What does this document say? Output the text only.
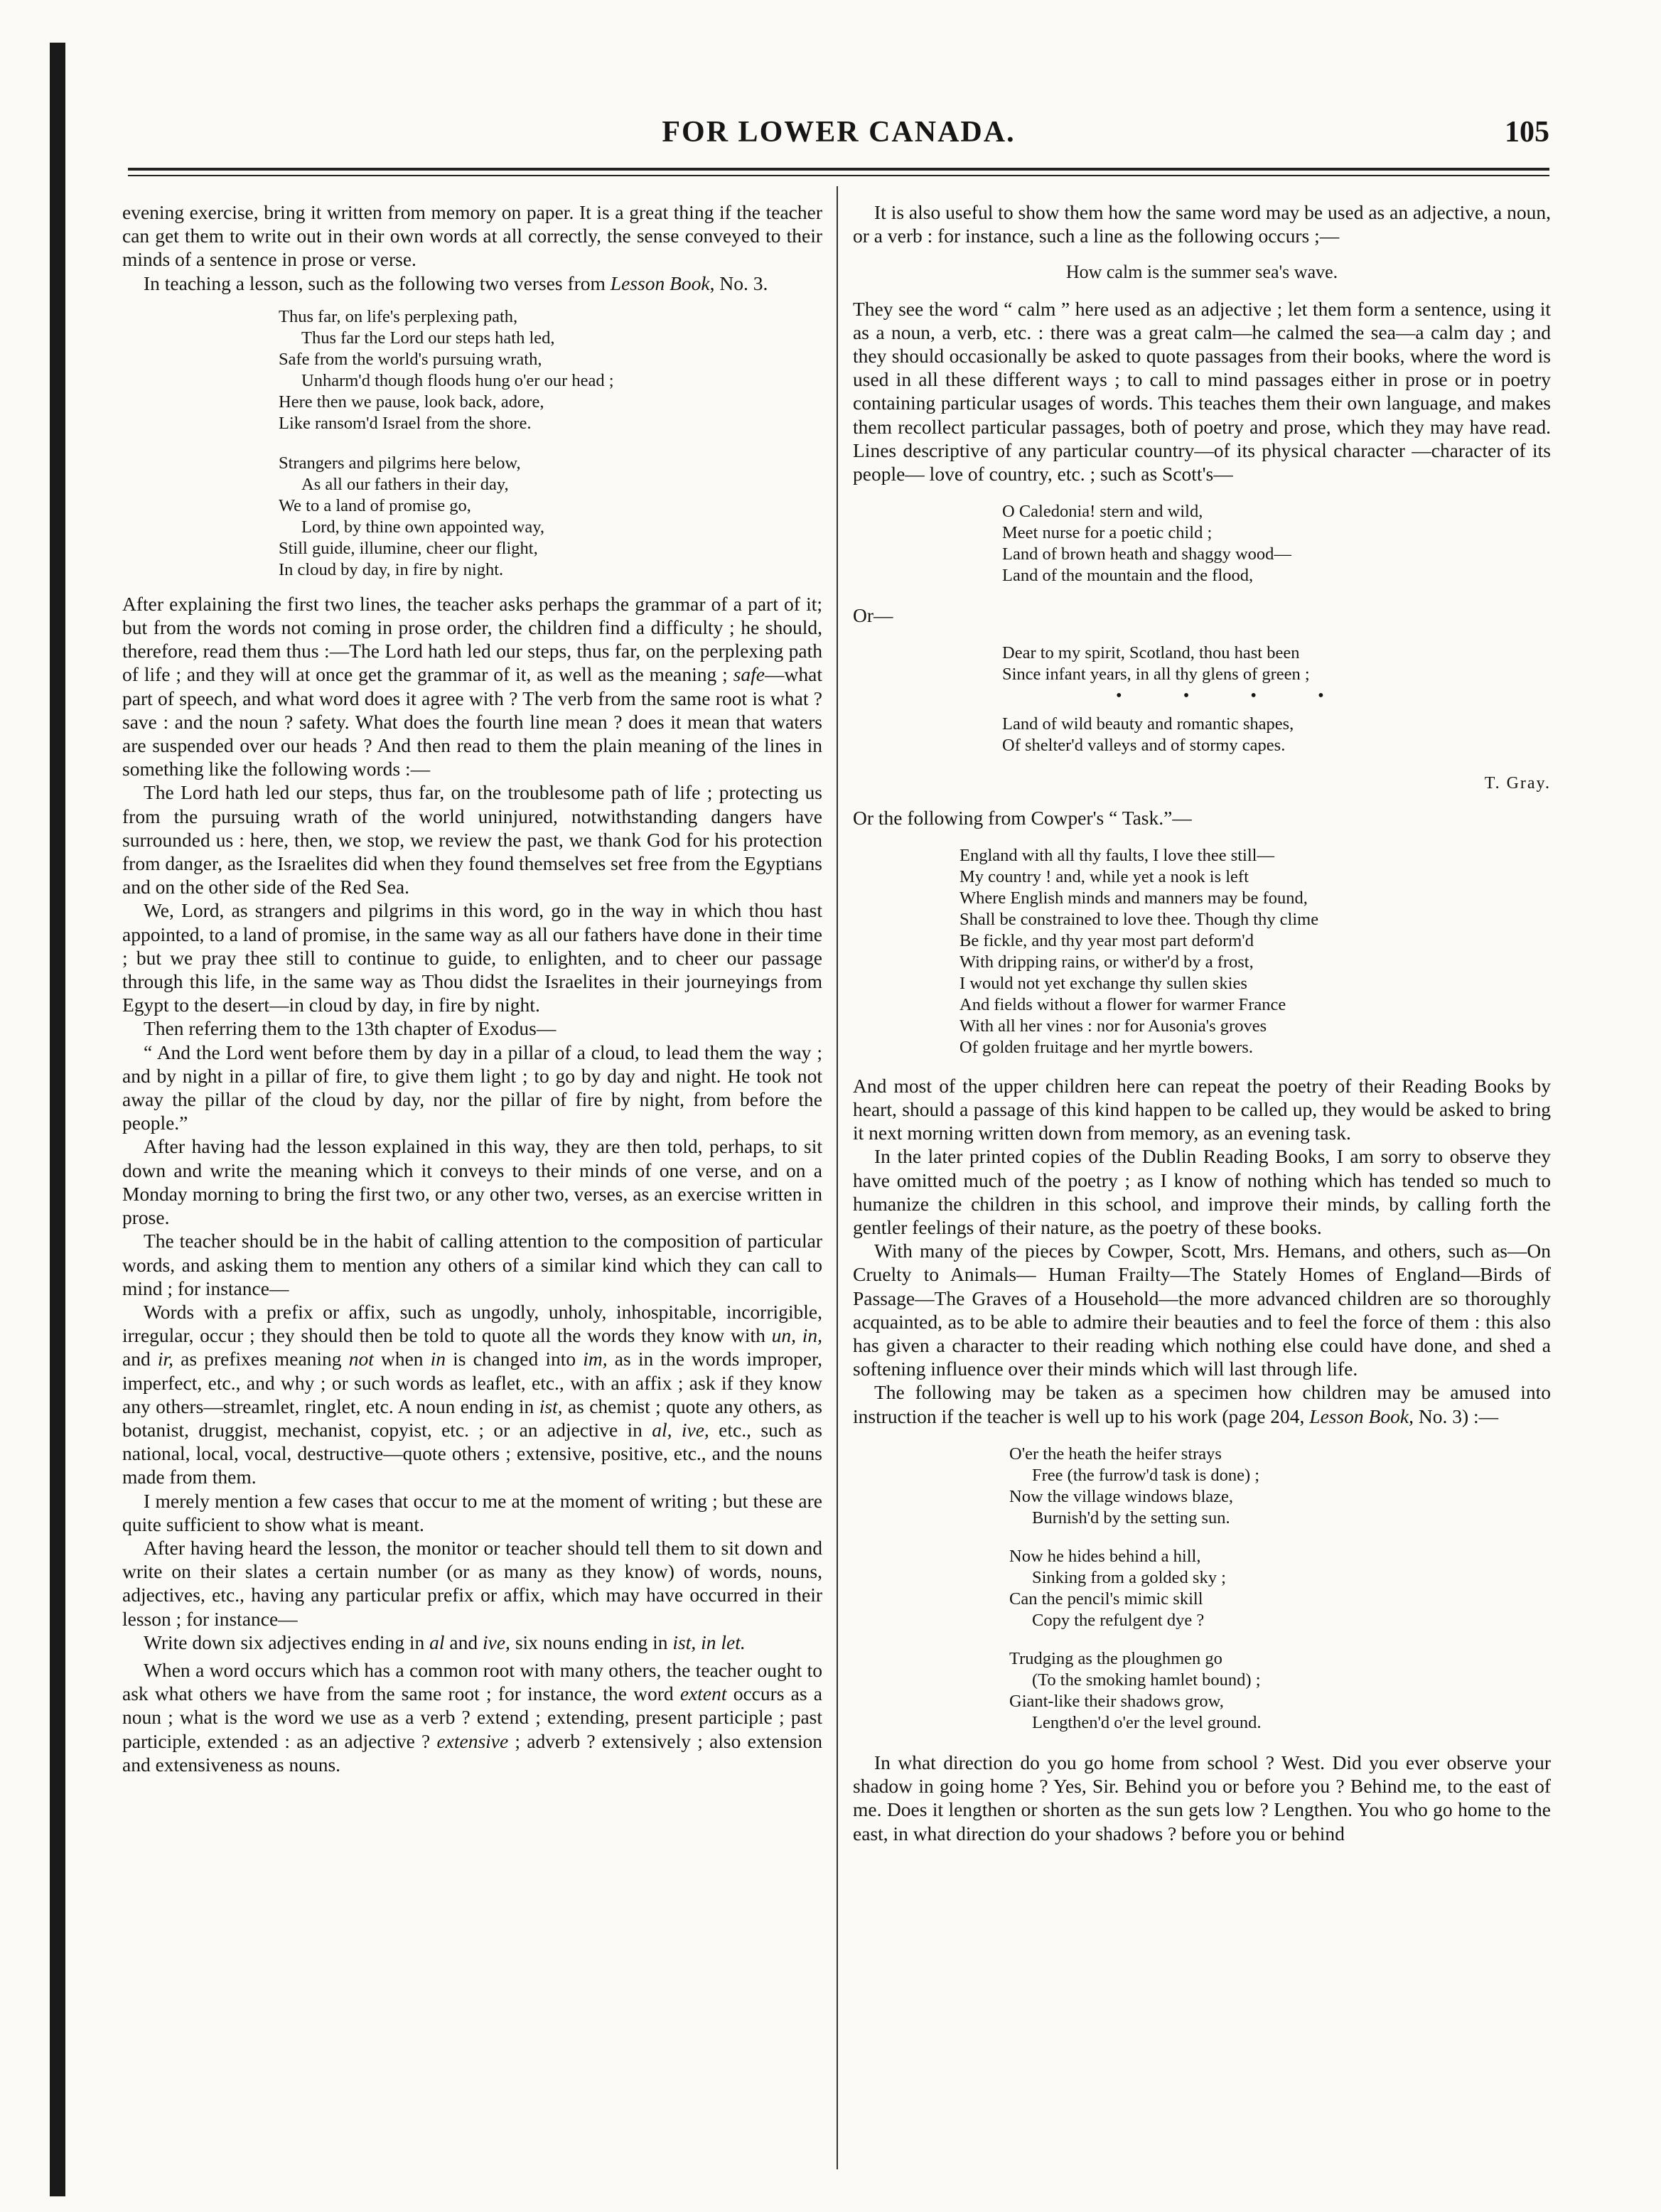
FOR LOWER CANADA.	105

evening exercise, bring it written from memory on paper. It is a great thing if the teacher can get them to write out in their own words at all correctly, the sense conveyed to their minds of a sentence in prose or verse.

In teaching a lesson, such as the following two verses from Lesson Book, No. 3.

Thus far, on life's perplexing path,
Thus far the Lord our steps hath led,
Safe from the world's pursuing wrath,
Unharm'd though floods hung o'er our head ;
Here then we pause, look back, adore,
Like ransom'd Israel from the shore.
Strangers and pilgrims here below,
As all our fathers in their day,
We to a land of promise go,
Lord, by thine own appointed way,
Still guide, illumine, cheer our flight,
In cloud by day, in fire by night.

After explaining the first two lines, the teacher asks perhaps the grammar of a part of it; but from the words not coming in prose order, the children find a difficulty ; he should, therefore, read them thus :—The Lord hath led our steps, thus far, on the perplexing path of life ; and they will at once get the grammar of it, as well as the meaning ; safe—what part of speech, and what word does it agree with ? The verb from the same root is what ? save : and the noun ? safety. What does the fourth line mean ? does it mean that waters are suspended over our heads ? And then read to them the plain meaning of the lines in something like the following words :—

The Lord hath led our steps, thus far, on the troublesome path of life ; protecting us from the pursuing wrath of the world uninjured, notwithstanding dangers have surrounded us : here, then, we stop, we review the past, we thank God for his protection from danger, as the Israelites did when they found themselves set free from the Egyptians and on the other side of the Red Sea.

We, Lord, as strangers and pilgrims in this word, go in the way in which thou hast appointed, to a land of promise, in the same way as all our fathers have done in their time ; but we pray thee still to continue to guide, to enlighten, and to cheer our passage through this life, in the same way as Thou didst the Israelites in their journeyings from Egypt to the desert—in cloud by day, in fire by night.

Then referring them to the 13th chapter of Exodus—

“ And the Lord went before them by day in a pillar of a cloud, to lead them the way ; and by night in a pillar of fire, to give them light ; to go by day and night. He took not away the pillar of the cloud by day, nor the pillar of fire by night, from before the people.”

After having had the lesson explained in this way, they are then told, perhaps, to sit down and write the meaning which it conveys to their minds of one verse, and on a Monday morning to bring the first two, or any other two, verses, as an exercise written in prose.

The teacher should be in the habit of calling attention to the composition of particular words, and asking them to mention any others of a similar kind which they can call to mind ; for instance—

Words with a prefix or affix, such as ungodly, unholy, inhospitable, incorrigible, irregular, occur ; they should then be told to quote all the words they know with un, in, and ir, as prefixes meaning not when in is changed into im, as in the words improper, imperfect, etc., and why ; or such words as leaflet, etc., with an affix ; ask if they know any others—streamlet, ringlet, etc. A noun ending in ist, as chemist ; quote any others, as botanist, druggist, mechanist, copyist, etc. ; or an adjective in al, ive, etc., such as national, local, vocal, destructive—quote others ; extensive, positive, etc., and the nouns made from them.

I merely mention a few cases that occur to me at the moment of writing ; but these are quite sufficient to show what is meant.

After having heard the lesson, the monitor or teacher should tell them to sit down and write on their slates a certain number (or as many as they know) of words, nouns, adjectives, etc., having any particular prefix or affix, which may have occurred in their lesson ; for instance—

Write down six adjectives ending in al and ive, six nouns ending in ist, in let.

When a word occurs which has a common root with many others, the teacher ought to ask what others we have from the same root ; for instance, the word extent occurs as a noun ; what is the word we use as a verb ? extend ; extending, present participle ; past participle, extended : as an adjective ? extensive ; adverb ? extensively ; also extension and extensiveness as nouns.

It is also useful to show them how the same word may be used as an adjective, a noun, or a verb : for instance, such a line as the following occurs ;—

How calm is the summer sea's wave.

They see the word “ calm ” here used as an adjective ; let them form a sentence, using it as a noun, a verb, etc. : there was a great calm—he calmed the sea—a calm day ; and they should occasionally be asked to quote passages from their books, where the word is used in all these different ways ; to call to mind passages either in prose or in poetry containing particular usages of words. This teaches them their own language, and makes them recollect particular passages, both of poetry and prose, which they may have read. Lines descriptive of any particular country—of its physical character —character of its people— love of country, etc. ; such as Scott's—

O Caledonia! stern and wild,
Meet nurse for a poetic child ;
Land of brown heath and shaggy wood—
Land of the mountain and the flood,

Or—

Dear to my spirit, Scotland, thou hast been
Since infant years, in all thy glens of green ;
• • • •
Land of wild beauty and romantic shapes,
Of shelter'd valleys and of stormy capes.
T. Gray.

Or the following from Cowper's “ Task.”—

England with all thy faults, I love thee still—
My country ! and, while yet a nook is left
Where English minds and manners may be found,
Shall be constrained to love thee. Though thy clime
Be fickle, and thy year most part deform'd
With dripping rains, or wither'd by a frost,
I would not yet exchange thy sullen skies
And fields without a flower for warmer France
With all her vines : nor for Ausonia's groves
Of golden fruitage and her myrtle bowers.

And most of the upper children here can repeat the poetry of their Reading Books by heart, should a passage of this kind happen to be called up, they would be asked to bring it next morning written down from memory, as an evening task.

In the later printed copies of the Dublin Reading Books, I am sorry to observe they have omitted much of the poetry ; as I know of nothing which has tended so much to humanize the children in this school, and improve their minds, by calling forth the gentler feelings of their nature, as the poetry of these books.

With many of the pieces by Cowper, Scott, Mrs. Hemans, and others, such as—On Cruelty to Animals— Human Frailty—The Stately Homes of England—Birds of Passage—The Graves of a Household—the more advanced children are so thoroughly acquainted, as to be able to admire their beauties and to feel the force of them : this also has given a character to their reading which nothing else could have done, and shed a softening influence over their minds which will last through life.

The following may be taken as a specimen how children may be amused into instruction if the teacher is well up to his work (page 204, Lesson Book, No. 3) :—

O'er the heath the heifer strays
Free (the furrow'd task is done) ;
Now the village windows blaze,
Burnish'd by the setting sun.
Now he hides behind a hill,
Sinking from a golded sky ;
Can the pencil's mimic skill
Copy the refulgent dye ?
Trudging as the ploughmen go
(To the smoking hamlet bound) ;
Giant-like their shadows grow,
Lengthen'd o'er the level ground.

In what direction do you go home from school ? West. Did you ever observe your shadow in going home ? Yes, Sir. Behind you or before you ? Behind me, to the east of me. Does it lengthen or shorten as the sun gets low ? Lengthen. You who go home to the east, in what direction do your shadows ? before you or behind
